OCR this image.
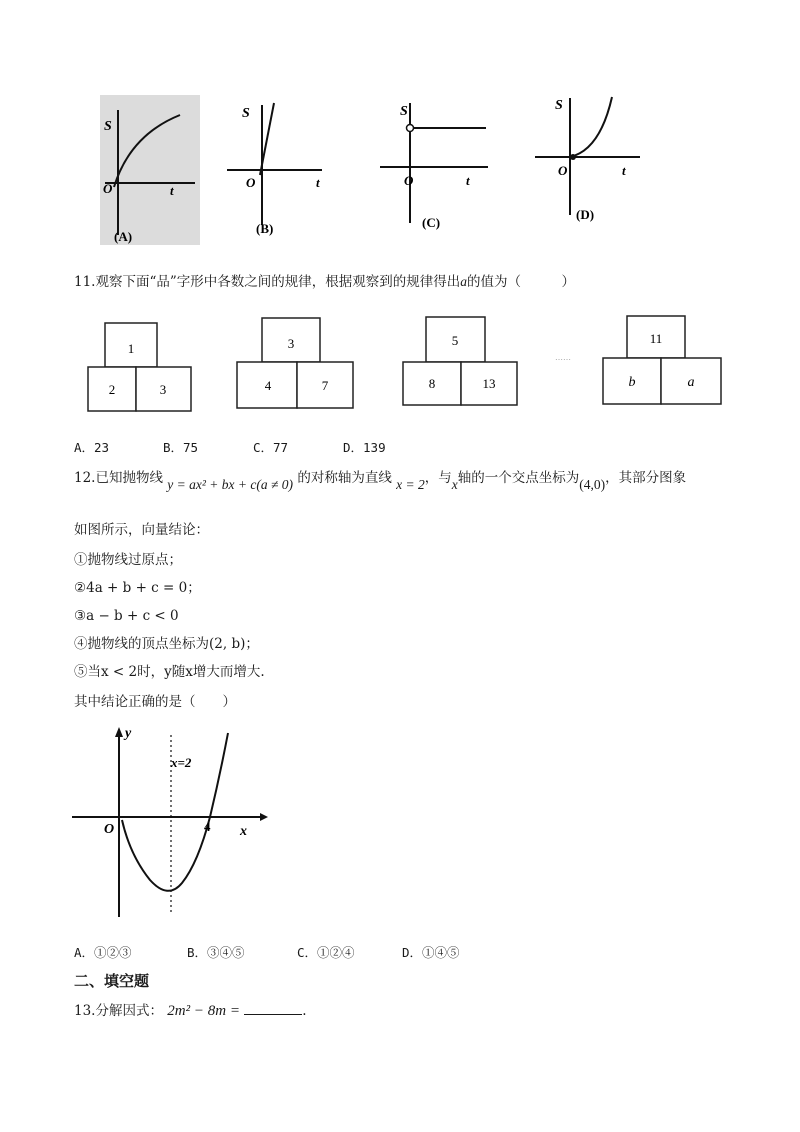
S
t
O
(A)
S
t
O
(B)
S
t
O
(C)
S
t
O
(D)
11.观察下面“品”字形中各数之间的规律，根据观察到的规律得出a的值为（　　　）
1
2	3
3
4	7
5
8	13
……
11
b	a
A．23	B．75	C．77	D．139
12.已知抛物线 y = ax² + bx + c(a ≠ 0) 的对称轴为直线 x = 2，与x轴的一个交点坐标为(4,0)，其部分图象
如图所示，向量结论：
①抛物线过原点；
②4a + b + c = 0；
③a − b + c < 0
④抛物线的顶点坐标为(2, b)；
⑤当x < 2时，y随x增大而增大.
其中结论正确的是（　　）
y
x
O	4
x=2
A．①②③	B．③④⑤	C．①②④	D．①④⑤
二、填空题
13.分解因式： 2m² − 8m =	.
